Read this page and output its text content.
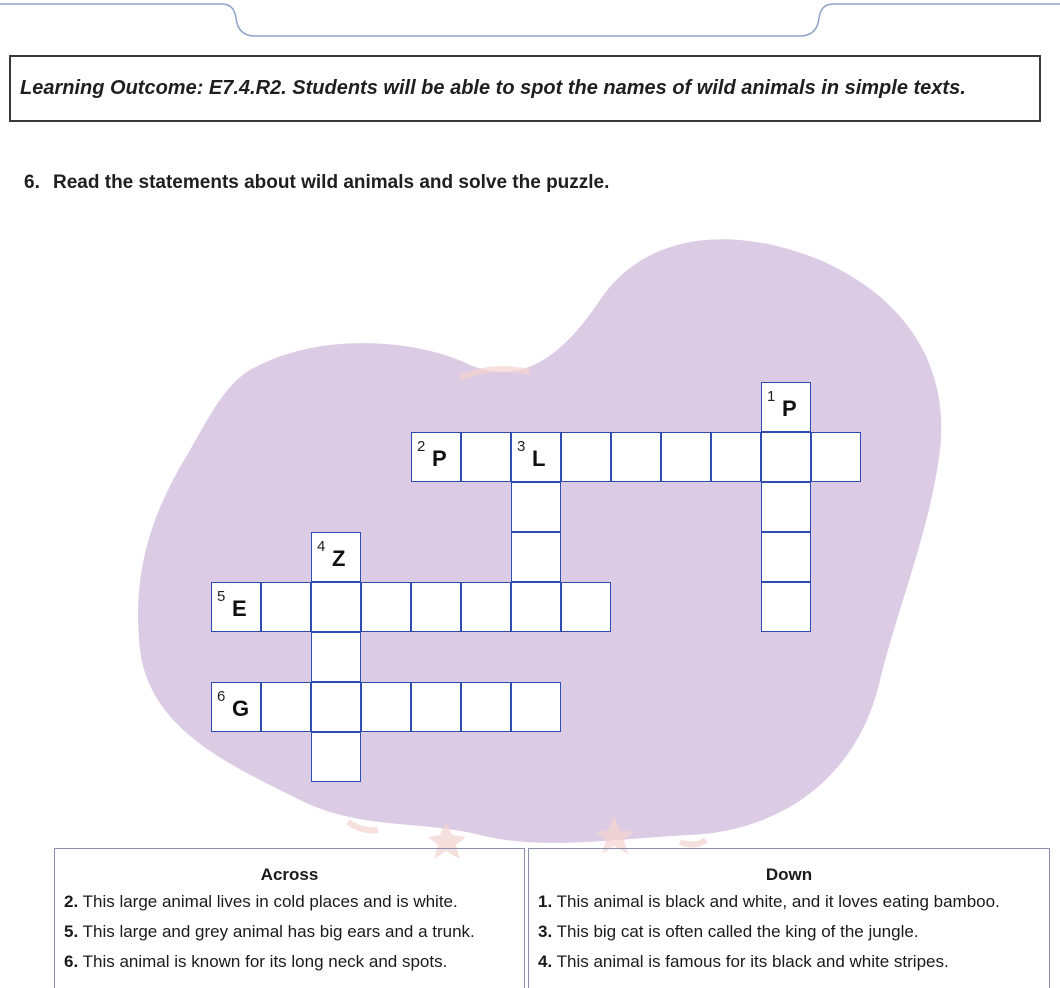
Learning Outcome: E7.4.R2. Students will be able to spot the names of wild animals in simple texts.
6. Read the statements about wild animals and solve the puzzle.
1 P
2 P	3 L
4 Z
5 E
6 G
Across
2. This large animal lives in cold places and is white.
5. This large and grey animal has big ears and a trunk.
6. This animal is known for its long neck and spots.
Down
1. This animal is black and white, and it loves eating bamboo.
3. This big cat is often called the king of the jungle.
4. This animal is famous for its black and white stripes.
